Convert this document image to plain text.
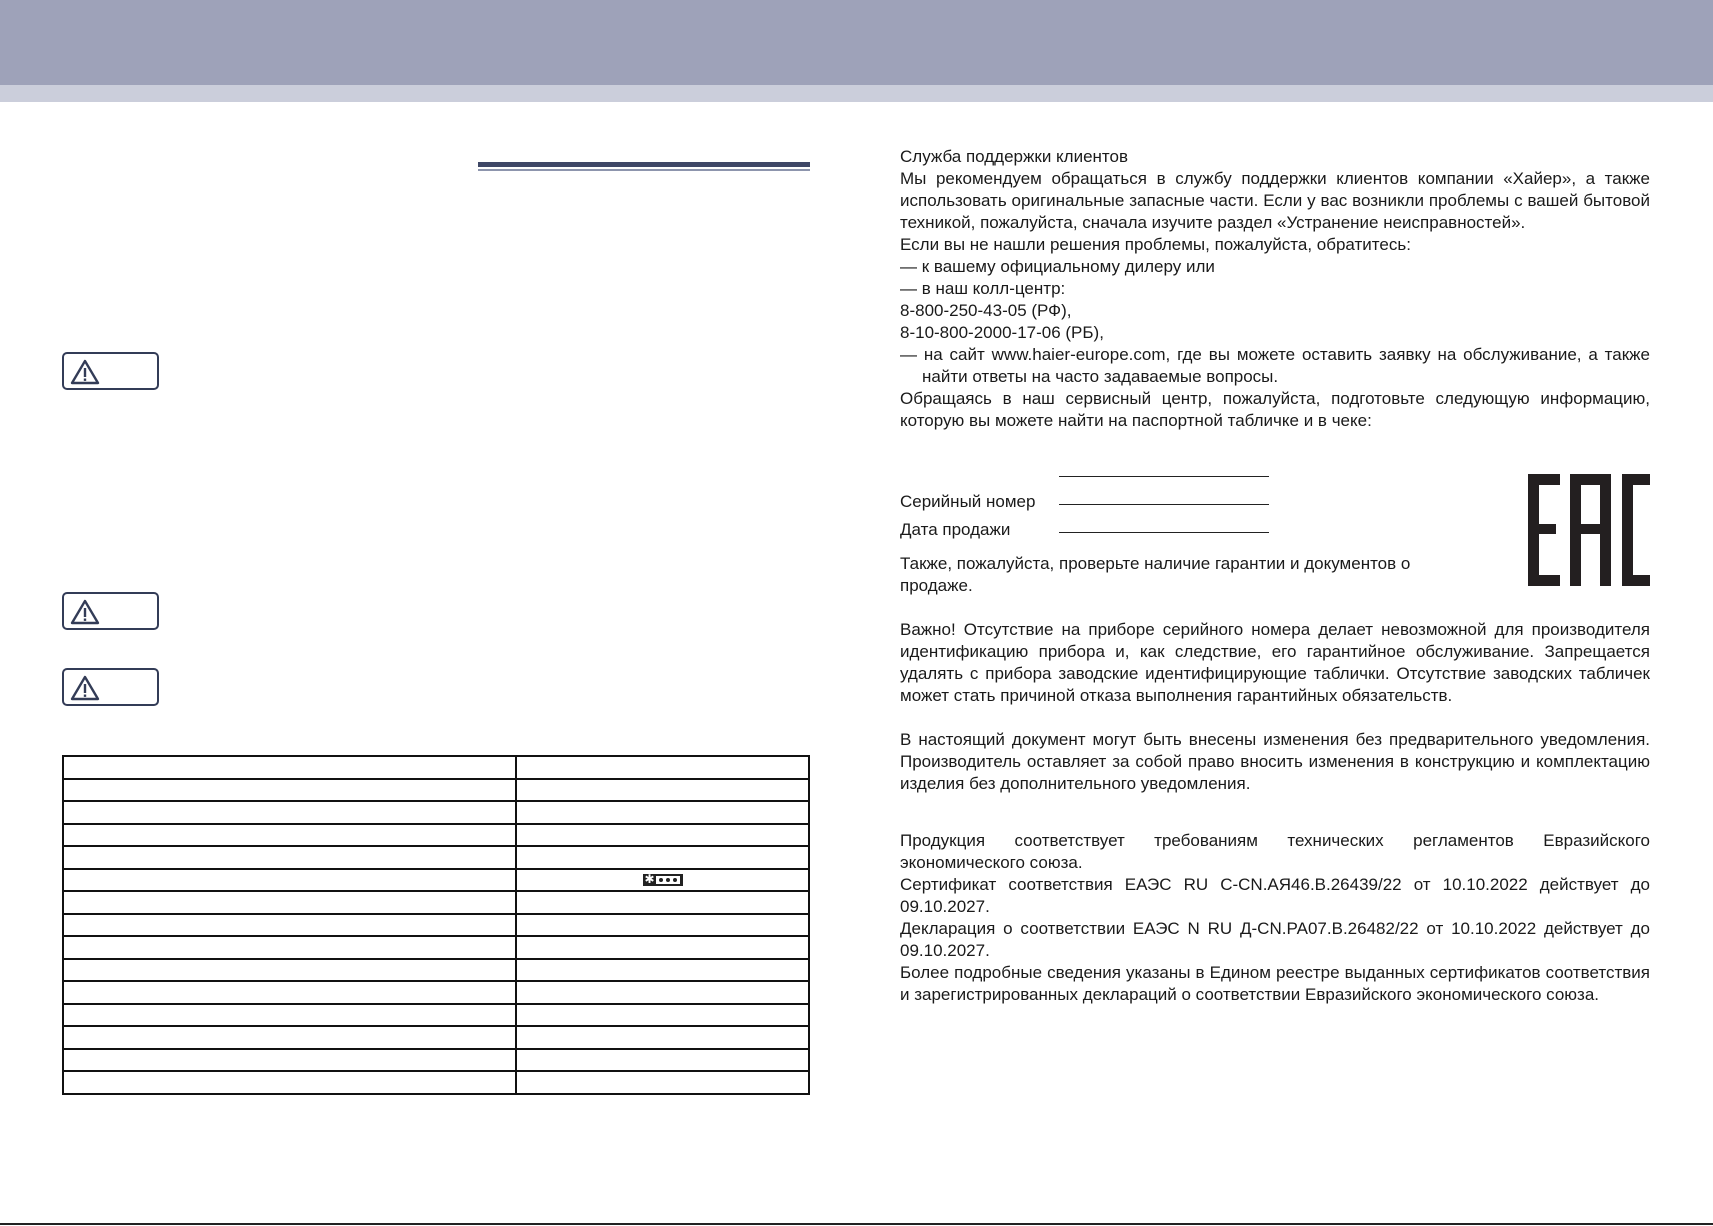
	✱

Служба поддержки клиентов

Мы рекомендуем обращаться в службу поддержки клиентов компании «Хайер», а также использовать оригинальные запасные части. Если у вас возникли проблемы с вашей бытовой техникой, пожалуйста, сначала изучите раздел «Устранение неисправностей».

Если вы не нашли решения проблемы, пожалуйста, обратитесь:

— к вашему официальному дилеру или

— в наш колл-центр:

8-800-250-43-05 (РФ),

8-10-800-2000-17-06 (РБ),

— на сайт www.haier-europe.com, где вы можете оставить заявку на обслуживание, а также найти ответы на часто задаваемые вопросы.

Обращаясь в наш сервисный центр, пожалуйста, подготовьте следующую информацию, которую вы можете найти на паспортной табличке и в чеке:

Серийный номер
Дата продажи

Также, пожалуйста, проверьте наличие гарантии и документов о продаже.

Важно! Отсутствие на приборе серийного номера делает невозможной для производителя идентификацию прибора и, как следствие, его гарантийное обслуживание. Запрещается удалять с прибора заводские идентифицирующие таблички. Отсутствие заводских табличек может стать причиной отказа выполнения гарантийных обязательств.

В настоящий документ могут быть внесены изменения без предварительного уведомления. Производитель оставляет за собой право вносить изменения в конструкцию и комплектацию изделия без дополнительного уведомления.

Продукция соответствует требованиям технических регламентов Евразийского экономического союза.

Сертификат соответствия ЕАЭС RU C-CN.АЯ46.B.26439/22 от 10.10.2022 действует до 09.10.2027.

Декларация о соответствии ЕАЭС N RU Д-CN.РА07.В.26482/22 от 10.10.2022 действует до 09.10.2027.

Более подробные сведения указаны в Едином реестре выданных сертификатов соответствия и зарегистрированных деклараций о соответствии Евразийского экономического союза.
